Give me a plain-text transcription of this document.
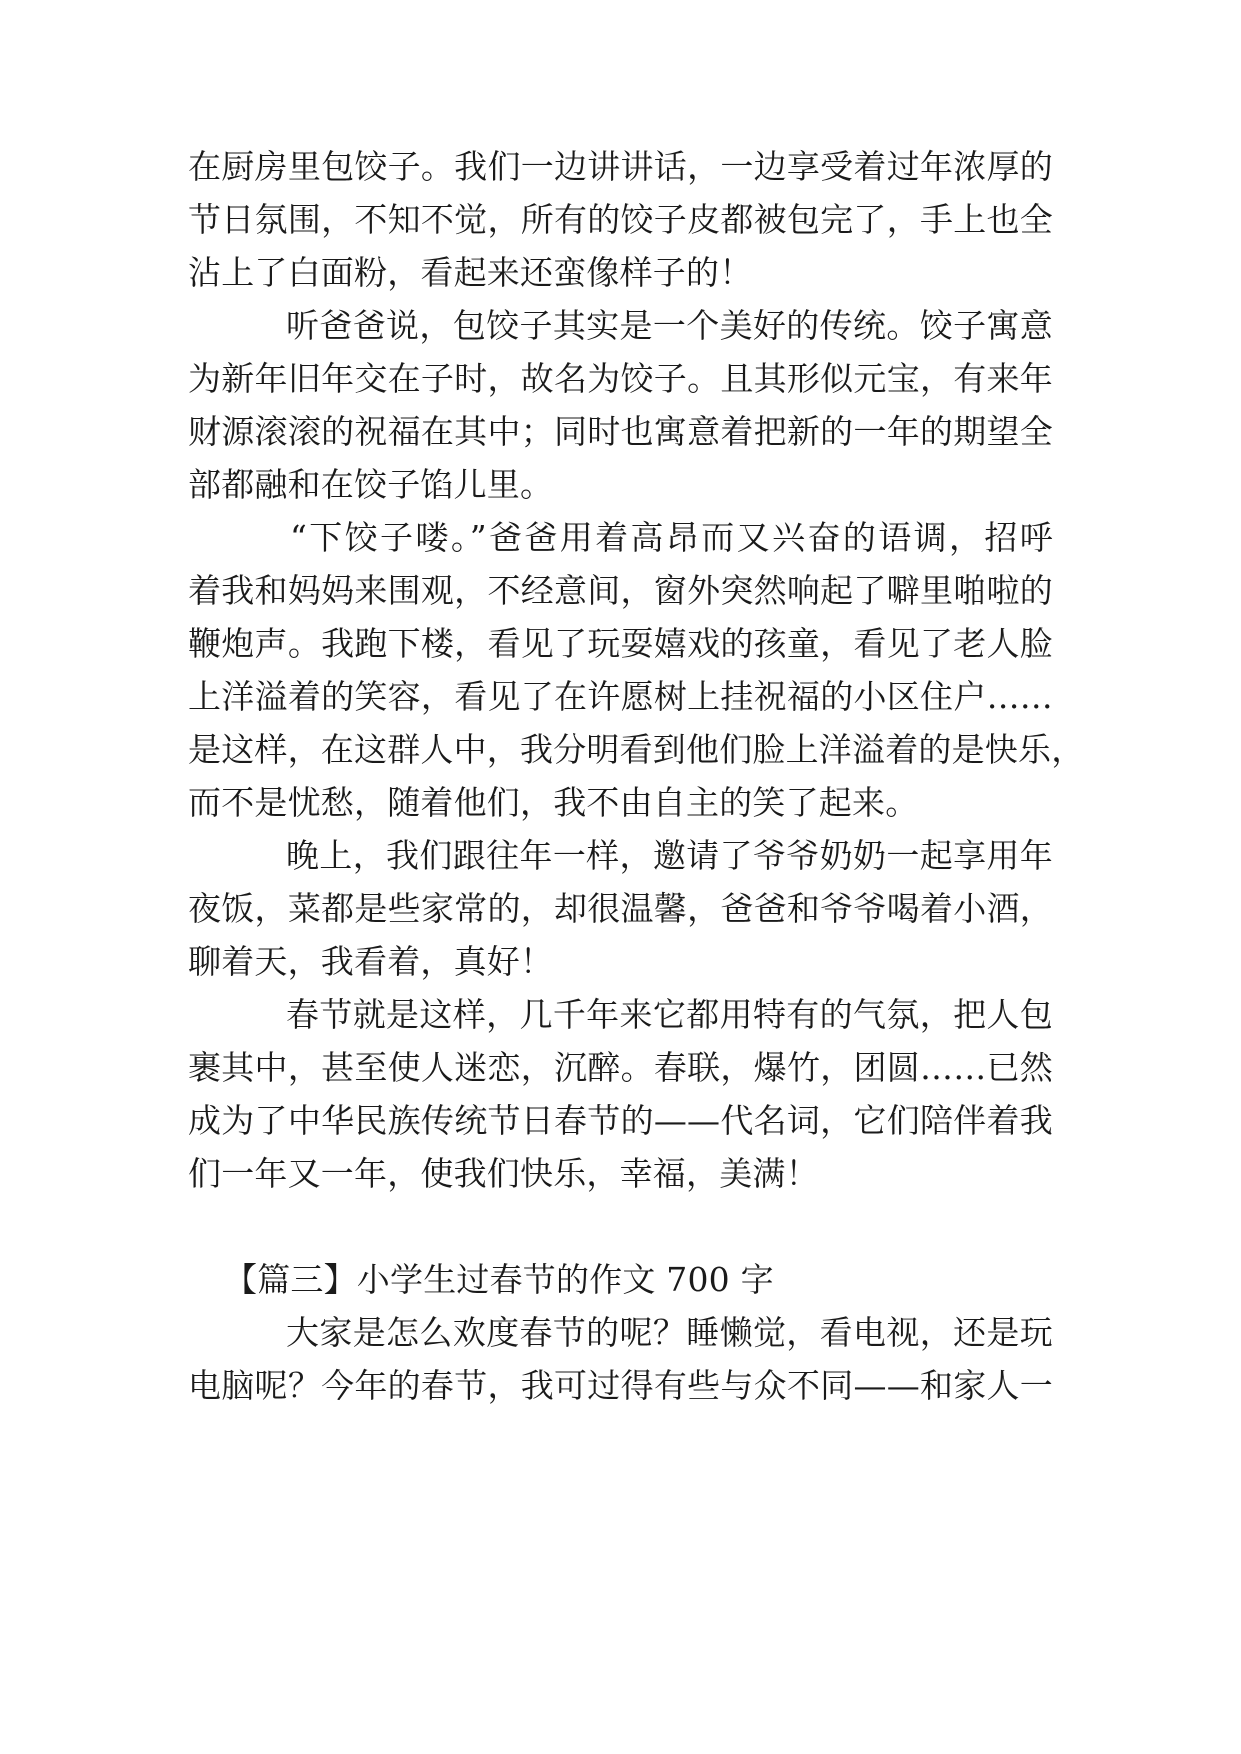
在厨房里包饺子。我们一边讲讲话，一边享受着过年浓厚的
节日氛围，不知不觉，所有的饺子皮都被包完了，手上也全
沾上了白面粉，看起来还蛮像样子的！
听爸爸说，包饺子其实是一个美好的传统。饺子寓意
为新年旧年交在子时，故名为饺子。且其形似元宝，有来年
财源滚滚的祝福在其中；同时也寓意着把新的一年的期望全
部都融和在饺子馅儿里。
“下饺子喽。”爸爸用着高昂而又兴奋的语调，招呼
着我和妈妈来围观，不经意间，窗外突然响起了噼里啪啦的
鞭炮声。我跑下楼，看见了玩耍嬉戏的孩童，看见了老人脸
上洋溢着的笑容，看见了在许愿树上挂祝福的小区住户……
是这样，在这群人中，我分明看到他们脸上洋溢着的是快乐，
而不是忧愁，随着他们，我不由自主的笑了起来。
晚上，我们跟往年一样，邀请了爷爷奶奶一起享用年
夜饭，菜都是些家常的，却很温馨，爸爸和爷爷喝着小酒，
聊着天，我看着，真好！
春节就是这样，几千年来它都用特有的气氛，把人包
裹其中，甚至使人迷恋，沉醉。春联，爆竹，团圆……已然
成为了中华民族传统节日春节的——代名词，它们陪伴着我
们一年又一年，使我们快乐，幸福，美满！
【篇三】小学生过春节的作文 700 字
大家是怎么欢度春节的呢？睡懒觉，看电视，还是玩
电脑呢？今年的春节，我可过得有些与众不同——和家人一
